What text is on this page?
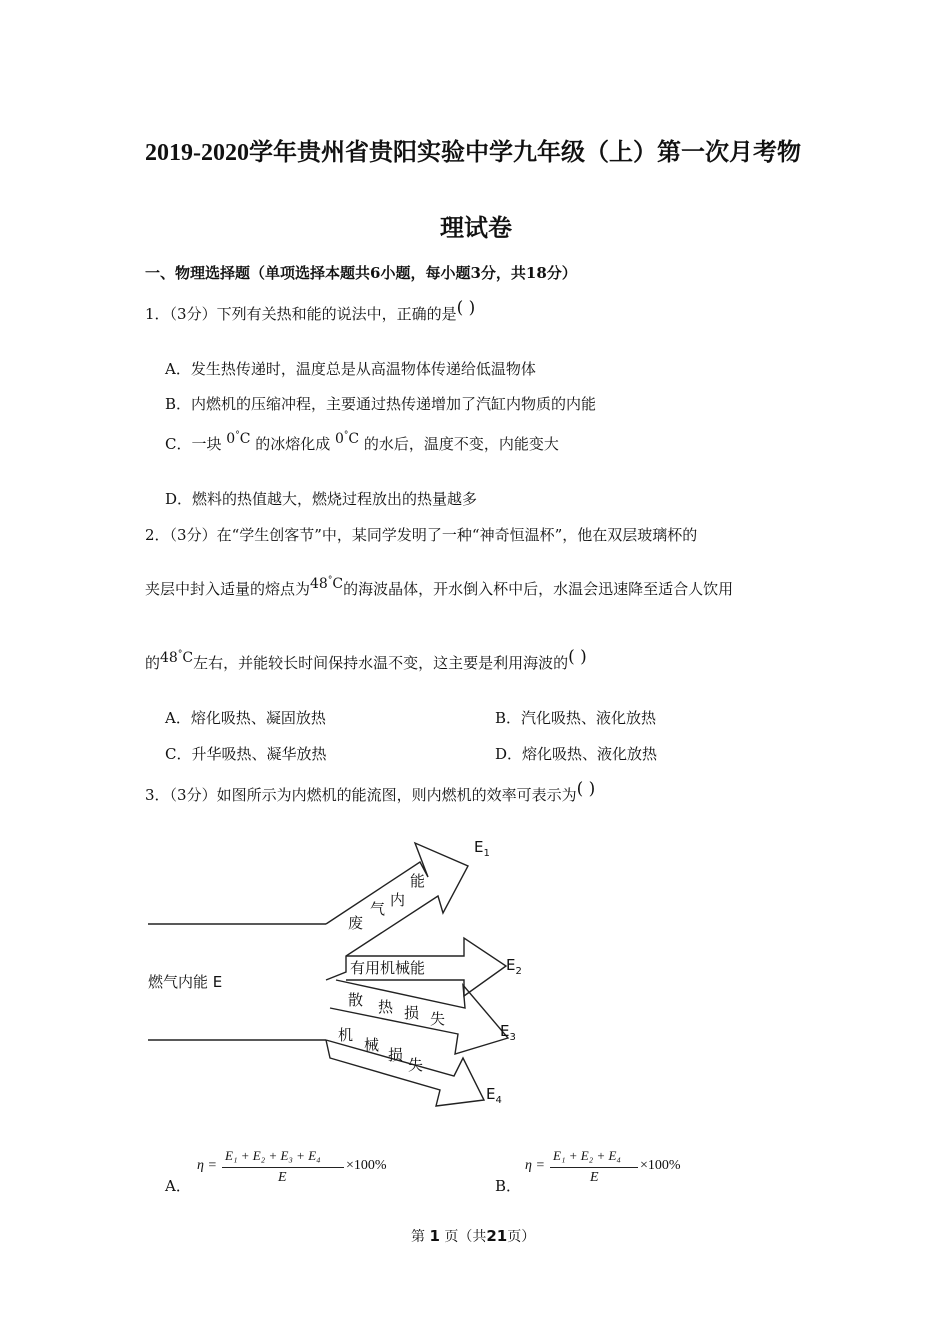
2019-2020学年贵州省贵阳实验中学九年级（上）第一次月考物
理试卷
一、物理选择题（单项选择本题共6小题，每小题3分，共18分）
1．（3分）下列有关热和能的说法中，正确的是( )
A．发生热传递时，温度总是从高温物体传递给低温物体
B．内燃机的压缩冲程，主要通过热传递增加了汽缸内物质的内能
C．一块 0°C 的冰熔化成 0°C 的水后，温度不变，内能变大
D．燃料的热值越大，燃烧过程放出的热量越多
2．（3分）在“学生创客节”中，某同学发明了一种“神奇恒温杯”，他在双层玻璃杯的
夹层中封入适量的熔点为48°C的海波晶体，开水倒入杯中后，水温会迅速降至适合人饮用
的48°C左右，并能较长时间保持水温不变，这主要是利用海波的( )
A．熔化吸热、凝固放热	B．汽化吸热、液化放热
C．升华吸热、凝华放热	D．熔化吸热、液化放热
3．（3分）如图所示为内燃机的能流图，则内燃机的效率可表示为( )
燃气内能 E
废
气 内
能
有用机械能
散 热 损 失
机
械
损
失
$E_1$
$E_2$
$E_3$
$E_4$
A．
η =
E₁ + E₂ + E₃ + E₄
E
×100%
B．
η =
E₁ + E₂ + E₄
E
×100%
第 1 页（共21页）
